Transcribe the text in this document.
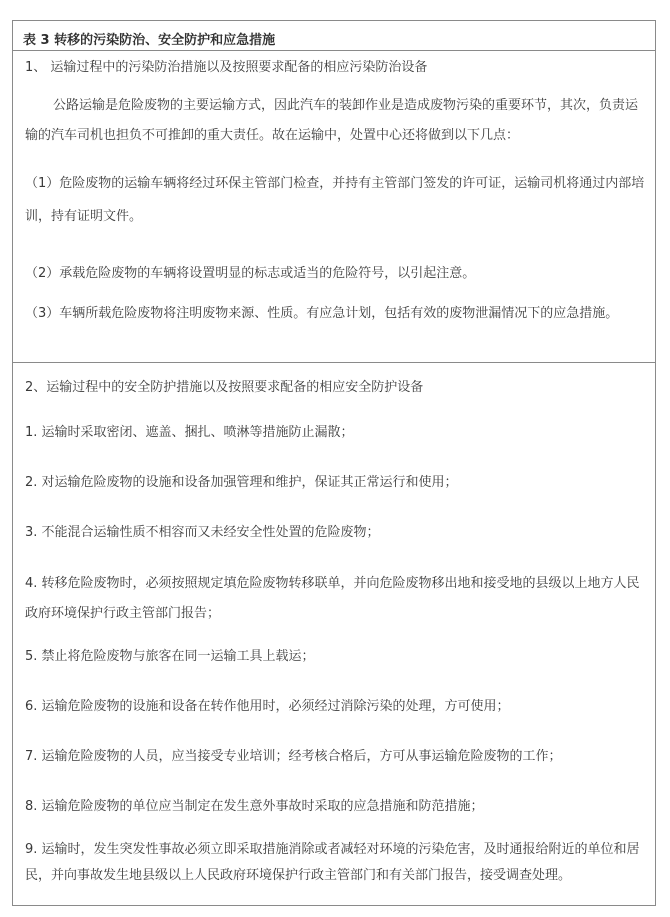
表 3 转移的污染防治、安全防护和应急措施
1、 运输过程中的污染防治措施以及按照要求配备的相应污染防治设备
公路运输是危险废物的主要运输方式，因此汽车的装卸作业是造成废物污染的重要环节，其次，负责运输的汽车司机也担负不可推卸的重大责任。故在运输中，处置中心还将做到以下几点：
（1）危险废物的运输车辆将经过环保主管部门检查，并持有主管部门签发的许可证，运输司机将通过内部培训，持有证明文件。
（2）承载危险废物的车辆将设置明显的标志或适当的危险符号，以引起注意。
（3）车辆所载危险废物将注明废物来源、性质。有应急计划，包括有效的废物泄漏情况下的应急措施。
2、运输过程中的安全防护措施以及按照要求配备的相应安全防护设备
1. 运输时采取密闭、遮盖、捆扎、喷淋等措施防止漏散；
2. 对运输危险废物的设施和设备加强管理和维护，保证其正常运行和使用；
3. 不能混合运输性质不相容而又未经安全性处置的危险废物；
4. 转移危险废物时，必须按照规定填危险废物转移联单，并向危险废物移出地和接受地的县级以上地方人民政府环境保护行政主管部门报告；
5. 禁止将危险废物与旅客在同一运输工具上载运；
6. 运输危险废物的设施和设备在转作他用时，必须经过消除污染的处理，方可使用；
7. 运输危险废物的人员，应当接受专业培训；经考核合格后，方可从事运输危险废物的工作；
8. 运输危险废物的单位应当制定在发生意外事故时采取的应急措施和防范措施；
9. 运输时，发生突发性事故必须立即采取措施消除或者减轻对环境的污染危害，及时通报给附近的单位和居民，并向事故发生地县级以上人民政府环境保护行政主管部门和有关部门报告，接受调查处理。
